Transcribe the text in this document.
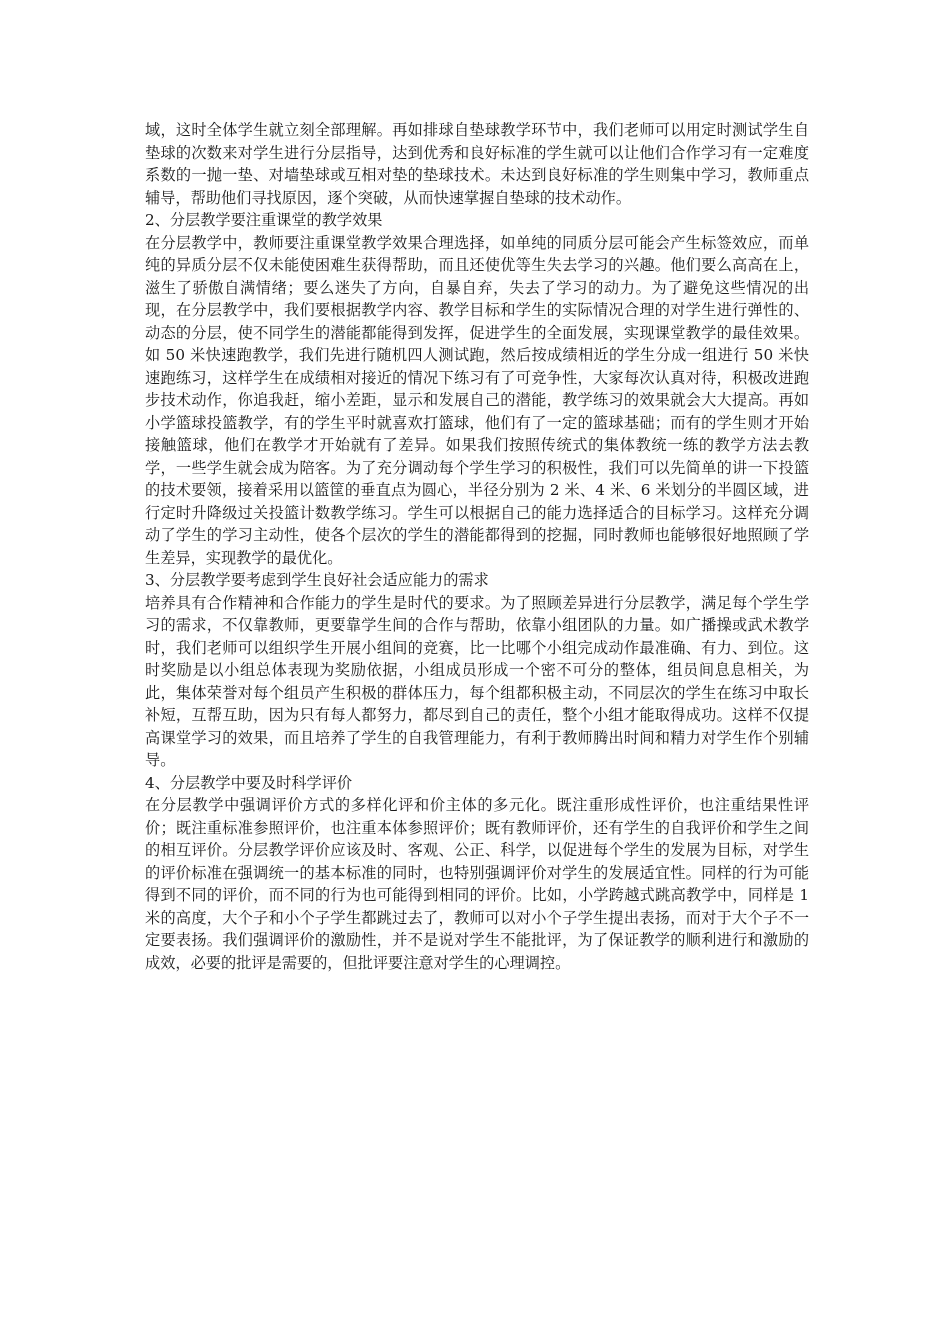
域，这时全体学生就立刻全部理解。再如排球自垫球教学环节中，我们老师可以用定时测试学生自垫球的次数来对学生进行分层指导，达到优秀和良好标准的学生就可以让他们合作学习有一定难度系数的一抛一垫、对墙垫球或互相对垫的垫球技术。未达到良好标准的学生则集中学习，教师重点辅导，帮助他们寻找原因，逐个突破，从而快速掌握自垫球的技术动作。

2、分层教学要注重课堂的教学效果

在分层教学中，教师要注重课堂教学效果合理选择，如单纯的同质分层可能会产生标签效应，而单纯的异质分层不仅未能使困难生获得帮助，而且还使优等生失去学习的兴趣。他们要么高高在上，滋生了骄傲自满情绪；要么迷失了方向，自暴自弃，失去了学习的动力。为了避免这些情况的出现，在分层教学中，我们要根据教学内容、教学目标和学生的实际情况合理的对学生进行弹性的、动态的分层，使不同学生的潜能都能得到发挥，促进学生的全面发展，实现课堂教学的最佳效果。如 50 米快速跑教学，我们先进行随机四人测试跑，然后按成绩相近的学生分成一组进行 50 米快速跑练习，这样学生在成绩相对接近的情况下练习有了可竞争性，大家每次认真对待，积极改进跑步技术动作，你追我赶，缩小差距，显示和发展自己的潜能，教学练习的效果就会大大提高。再如小学篮球投篮教学，有的学生平时就喜欢打篮球，他们有了一定的篮球基础；而有的学生则才开始接触篮球，他们在教学才开始就有了差异。如果我们按照传统式的集体教统一练的教学方法去教学，一些学生就会成为陪客。为了充分调动每个学生学习的积极性，我们可以先简单的讲一下投篮的技术要领，接着采用以篮筐的垂直点为圆心，半径分别为 2 米、4 米、6 米划分的半圆区域，进行定时升降级过关投篮计数教学练习。学生可以根据自己的能力选择适合的目标学习。这样充分调动了学生的学习主动性，使各个层次的学生的潜能都得到的挖掘，同时教师也能够很好地照顾了学生差异，实现教学的最优化。

3、分层教学要考虑到学生良好社会适应能力的需求

培养具有合作精神和合作能力的学生是时代的要求。为了照顾差异进行分层教学，满足每个学生学习的需求，不仅靠教师，更要靠学生间的合作与帮助，依靠小组团队的力量。如广播操或武术教学时，我们老师可以组织学生开展小组间的竞赛，比一比哪个小组完成动作最准确、有力、到位。这时奖励是以小组总体表现为奖励依据，小组成员形成一个密不可分的整体，组员间息息相关，为此，集体荣誉对每个组员产生积极的群体压力，每个组都积极主动，不同层次的学生在练习中取长补短，互帮互助，因为只有每人都努力，都尽到自己的责任，整个小组才能取得成功。这样不仅提高课堂学习的效果，而且培养了学生的自我管理能力，有利于教师腾出时间和精力对学生作个别辅导。

4、分层教学中要及时科学评价

在分层教学中强调评价方式的多样化评和价主体的多元化。既注重形成性评价，也注重结果性评价；既注重标准参照评价，也注重本体参照评价；既有教师评价，还有学生的自我评价和学生之间的相互评价。分层教学评价应该及时、客观、公正、科学，以促进每个学生的发展为目标，对学生的评价标准在强调统一的基本标准的同时，也特别强调评价对学生的发展适宜性。同样的行为可能得到不同的评价，而不同的行为也可能得到相同的评价。比如，小学跨越式跳高教学中，同样是 1 米的高度，大个子和小个子学生都跳过去了，教师可以对小个子学生提出表扬，而对于大个子不一定要表扬。我们强调评价的激励性，并不是说对学生不能批评，为了保证教学的顺利进行和激励的成效，必要的批评是需要的，但批评要注意对学生的心理调控。
